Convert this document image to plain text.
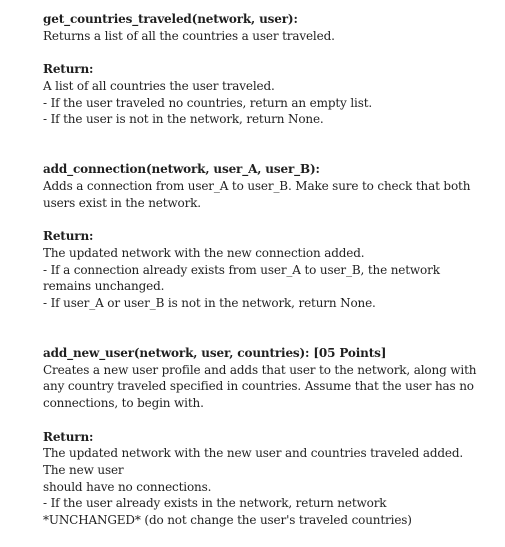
get_countries_traveled(network, user):

Returns a list of all the countries a user traveled.

Return:

A list of all countries the user traveled.
- If the user traveled no countries, return an empty list.
- If the user is not in the network, return None.

add_connection(network, user_A, user_B):

Adds a connection from user_A to user_B. Make sure to check that both
users exist in the network.

Return:

The updated network with the new connection added.
- If a connection already exists from user_A to user_B, the network
remains unchanged.
- If user_A or user_B is not in the network, return None.

add_new_user(network, user, countries): [05 Points]

Creates a new user profile and adds that user to the network, along with
any country traveled specified in countries. Assume that the user has no
connections, to begin with.

Return:

The updated network with the new user and countries traveled added.
The new user
should have no connections.
- If the user already exists in the network, return network
*UNCHANGED* (do not change the user's traveled countries)
